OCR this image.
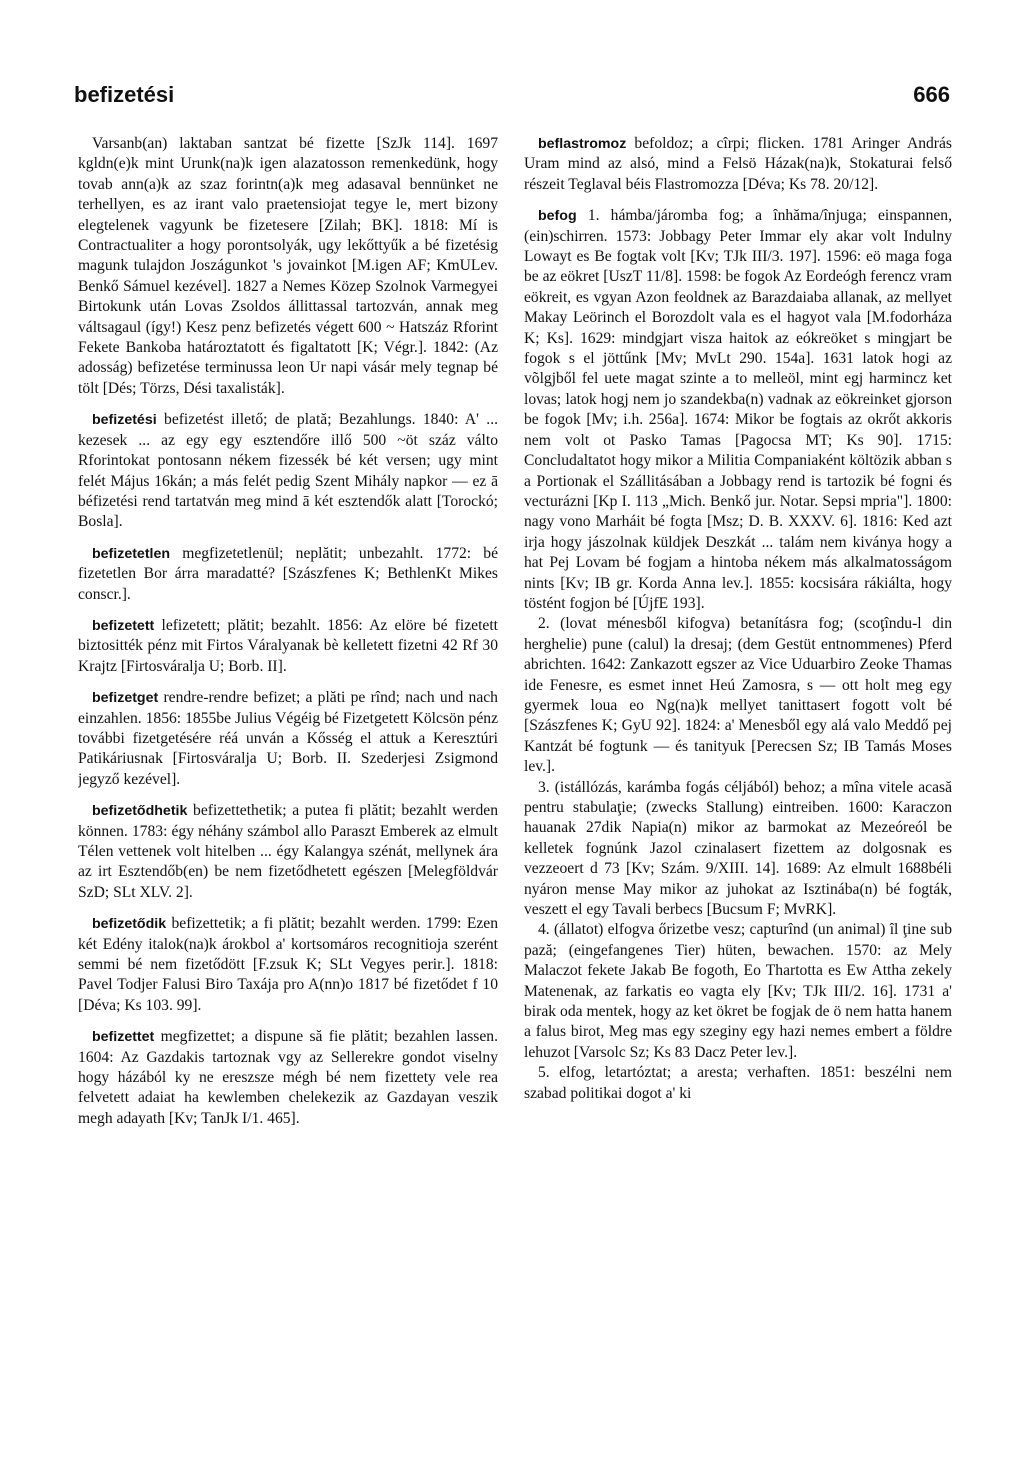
befizetési	666

Varsanb(an) laktaban santzat bé fizette [SzJk 114]. 1697 kgldn(e)k mint Urunk(na)k igen alazatosson remenkedünk, hogy tovab ann(a)k az szaz forintn(a)k meg adasaval bennünket ne terhellyen, es az irant valo praetensiojat tegye le, mert bizony elegtelenek vagyunk be fizetesere [Zilah; BK]. 1818: Mí is Contractualiter a hogy porontsolyák, ugy lekőttyűk a bé fizetésig magunk tulajdon Joszágunkot 's jovainkot [M.igen AF; KmULev. Benkő Sámuel kezével]. 1827 a Nemes Közep Szolnok Varmegyei Birtokunk után Lovas Zsoldos állittassal tartozván, annak meg váltsagaul (így!) Kesz penz befizetés végett 600 ~ Hatszáz Rforint Fekete Bankoba határoztatott és figaltatott [K; Végr.]. 1842: (Az adosság) befizetése terminussa leon Ur napi vásár mely tegnap bé tölt [Dés; Törzs, Dési taxalisták].

befizetési befizetést illető; de plată; Bezahlungs. 1840: A' ... kezesek ... az egy egy esztendőre illő 500 ~öt száz válto Rforintokat pontosann nékem fizessék bé két versen; ugy mint felét Május 16kán; a más felét pedig Szent Mihály napkor — ez ā béfizetési rend tartatván meg mind ā két esztendők alatt [Torockó; Bosla].

befizetetlen megfizetetlenül; neplătit; unbezahlt. 1772: bé fizetetlen Bor árra maradatté? [Szászfenes K; BethlenKt Mikes conscr.].

befizetett lefizetett; plătit; bezahlt. 1856: Az elöre bé fizetett biztositték pénz mit Firtos Váralyanak bè kelletett fizetni 42 Rf 30 Krajtz [Firtosváralja U; Borb. II].

befizetget rendre-rendre befizet; a plăti pe rînd; nach und nach einzahlen. 1856: 1855be Julius Végéig bé Fizetgetett Kölcsön pénz további fizetgetésére réá unván a Kősség el attuk a Keresztúri Patikáriusnak [Firtosváralja U; Borb. II. Szederjesi Zsigmond jegyző kezével].

befizetődhetik befizettethetik; a putea fi plătit; bezahlt werden können. 1783: égy néhány számbol allo Paraszt Emberek az elmult Télen vettenek volt hitelben ... égy Kalangya szénát, mellynek ára az irt Esztendőb(en) be nem fizetődhetett egészen [Melegföldvár SzD; SLt XLV. 2].

befizetődik befizettetik; a fi plătit; bezahlt werden. 1799: Ezen két Edény italok(na)k árokbol a' kortsomáros recognitioja szerént semmi bé nem fizetődött [F.zsuk K; SLt Vegyes perir.]. 1818: Pavel Todjer Falusi Biro Taxája pro A(nn)o 1817 bé fizetődet f 10 [Déva; Ks 103. 99].

befizettet megfizettet; a dispune să fie plătit; bezahlen lassen. 1604: Az Gazdakis tartoznak vgy az Sellerekre gondot viselny hogy házából ky ne ereszsze mégh bé nem fizettety vele rea felvetett adaiat ha kewlemben chelekezik az Gazdayan veszik megh adayath [Kv; TanJk I/1. 465].

beflastromoz befoldoz; a cîrpi; flicken. 1781 Aringer András Uram mind az alsó, mind a Felsö Házak(na)k, Stokaturai felső részeit Teglaval béis Flastromozza [Déva; Ks 78. 20/12].

befog 1. hámba/járomba fog; a înhăma/înjuga; einspannen, (ein)schirren. 1573: Jobbagy Peter Immar ely akar volt Indulny Lowayt es Be fogtak volt [Kv; TJk III/3. 197]. 1596: eö maga foga be az eökret [UszT 11/8]. 1598: be fogok Az Eordeógh ferencz vram eökreit, es vgyan Azon feoldnek az Barazdaiaba allanak, az mellyet Makay Leörinch el Borozdolt vala es el hagyot vala [M.fodorháza K; Ks]. 1629: mindgjart visza haitok az eókreöket s mingjart be fogok s el jöttűnk [Mv; MvLt 290. 154a]. 1631 latok hogi az võlgjből fel uete magat szinte a to melleöl, mint egj harmincz ket lovas; latok hogj nem jo szandekba(n) vadnak az eökreinket gjorson be fogok [Mv; i.h. 256a]. 1674: Mikor be fogtais az okrőt akkoris nem volt ot Pasko Tamas [Pagocsa MT; Ks 90]. 1715: Concludaltatot hogy mikor a Militia Companiaként költözik abban s a Portionak el Szállitásában a Jobbagy rend is tartozik bé fogni és vecturázni [Kp I. 113 „Mich. Benkő jur. Notar. Sepsi mpria"]. 1800: nagy vono Marháit bé fogta [Msz; D. B. XXXV. 6]. 1816: Ked azt irja hogy jászolnak küldjek Deszkát ... talám nem kiványa hogy a hat Pej Lovam bé fogjam a hintoba nékem más alkalmatosságom nints [Kv; IB gr. Korda Anna lev.]. 1855: kocsisára rákiálta, hogy töstént fogjon bé [ÚjfE 193].

2. (lovat ménesből kifogva) betanításra fog; (scoţîndu-l din herghelie) pune (calul) la dresaj; (dem Gestüt entnommenes) Pferd abrichten. 1642: Zankazott egszer az Vice Uduarbiro Zeoke Thamas ide Fenesre, es esmet innet Heú Zamosra, s — ott holt meg egy gyermek loua eo Ng(na)k mellyet tanittasert fogott volt bé [Szászfenes K; GyU 92]. 1824: a' Menesből egy alá valo Meddő pej Kantzát bé fogtunk — és tanityuk [Perecsen Sz; IB Tamás Moses lev.].

3. (istállózás, karámba fogás céljából) behoz; a mîna vitele acasă pentru stabulaţie; (zwecks Stallung) eintreiben. 1600: Karaczon hauanak 27dik Napia(n) mikor az barmokat az Mezeóreól be kelletek fognúnk Jazol czinalasert fizettem az dolgosnak es vezzeoert d 73 [Kv; Szám. 9/XIII. 14]. 1689: Az elmult 1688béli nyáron mense May mikor az juhokat az Isztinába(n) bé fogták, veszett el egy Tavali berbecs [Bucsum F; MvRK].

4. (állatot) elfogva őrizetbe vesz; capturînd (un animal) îl ţine sub pază; (eingefangenes Tier) hüten, bewachen. 1570: az Mely Malaczot fekete Jakab Be fogoth, Eo Thartotta es Ew Attha zekely Matenenak, az farkatis eo vagta ely [Kv; TJk III/2. 16]. 1731 a' birak oda mentek, hogy az ket ökret be fogjak de ö nem hatta hanem a falus birot, Meg mas egy szeginy egy hazi nemes embert a földre lehuzot [Varsolc Sz; Ks 83 Dacz Peter lev.].

5. elfog, letartóztat; a aresta; verhaften. 1851: beszélni nem szabad politikai dogot a' ki
